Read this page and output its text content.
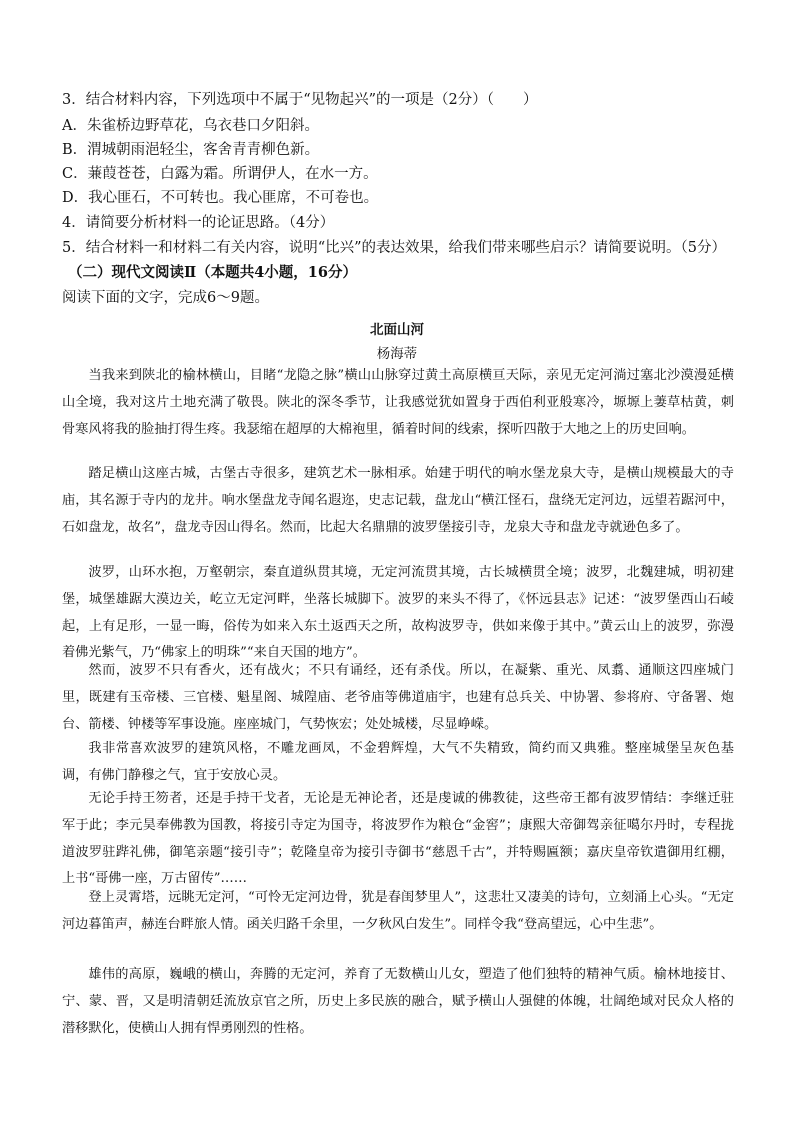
3．结合材料内容，下列选项中不属于“见物起兴”的一项是（2分）（　　）
A．朱雀桥边野草花，乌衣巷口夕阳斜。
B．渭城朝雨浥轻尘，客舍青青柳色新。
C．蒹葭苍苍，白露为霜。所谓伊人，在水一方。
D．我心匪石，不可转也。我心匪席，不可卷也。
4．请简要分析材料一的论证思路。（4分）
5．结合材料一和材料二有关内容，说明“比兴”的表达效果，给我们带来哪些启示？请简要说明。（5分）
（二）现代文阅读Ⅱ（本题共4小题，16分）
阅读下面的文字，完成6～9题。
北面山河
杨海蒂
当我来到陕北的榆林横山，目睹“龙隐之脉”横山山脉穿过黄土高原横亘天际，亲见无定河淌过塞北沙漠漫延横山全境，我对这片土地充满了敬畏。陕北的深冬季节，让我感觉犹如置身于西伯利亚般寒冷，塬塬上萋草枯黄，刺骨寒风将我的脸抽打得生疼。我瑟缩在超厚的大棉袍里，循着时间的线索，探听四散于大地之上的历史回响。
踏足横山这座古城，古堡古寺很多，建筑艺术一脉相承。始建于明代的响水堡龙泉大寺，是横山规模最大的寺庙，其名源于寺内的龙井。响水堡盘龙寺闻名遐迩，史志记载，盘龙山“横江怪石，盘绕无定河边，远望若踞河中，石如盘龙，故名”，盘龙寺因山得名。然而，比起大名鼎鼎的波罗堡接引寺，龙泉大寺和盘龙寺就逊色多了。
波罗，山环水抱，万壑朝宗，秦直道纵贯其境，无定河流贯其境，古长城横贯全境；波罗，北魏建城，明初建堡，城堡雄踞大漠边关，屹立无定河畔，坐落长城脚下。波罗的来头不得了，《怀远县志》记述：“波罗堡西山石崚起，上有足形，一显一晦，俗传为如来入东土返西天之所，故构波罗寺，供如来像于其中。”黄云山上的波罗，弥漫着佛光紫气，乃“佛家上的明珠”“来自天国的地方”。
然而，波罗不只有香火，还有战火；不只有诵经，还有杀伐。所以，在凝紫、重光、凤翥、通顺这四座城门里，既建有玉帝楼、三官楼、魁星阁、城隍庙、老爷庙等佛道庙宇，也建有总兵关、中协署、参将府、守备署、炮台、箭楼、钟楼等军事设施。座座城门，气势恢宏；处处城楼，尽显峥嵘。
我非常喜欢波罗的建筑风格，不雕龙画凤，不金碧辉煌，大气不失精致，简约而又典雅。整座城堡呈灰色基调，有佛门静穆之气，宜于安放心灵。
无论手持王笏者，还是手持干戈者，无论是无神论者，还是虔诚的佛教徒，这些帝王都有波罗情结：李继迁驻军于此；李元昊奉佛教为国教，将接引寺定为国寺，将波罗作为粮仓“金窖”；康熙大帝御驾亲征噶尔丹时，专程拢道波罗驻跸礼佛，御笔亲题“接引寺”；乾隆皇帝为接引寺御书“慈恩千古”，并特赐匾额；嘉庆皇帝钦遣御用红棚，上书“哥佛一座，万古留传”……
登上灵霄塔，远眺无定河，“可怜无定河边骨，犹是春闺梦里人”，这悲壮又凄美的诗句，立刻涌上心头。“无定河边暮笛声，赫连台畔旅人情。函关归路千余里，一夕秋风白发生”。同样令我“登高望远，心中生悲”。
雄伟的高原，巍峨的横山，奔腾的无定河，养育了无数横山儿女，塑造了他们独特的精神气质。榆林地接甘、宁、蒙、晋，又是明清朝廷流放京官之所，历史上多民族的融合，赋予横山人强健的体魄，壮阔绝域对民众人格的潜移默化，使横山人拥有悍勇刚烈的性格。
